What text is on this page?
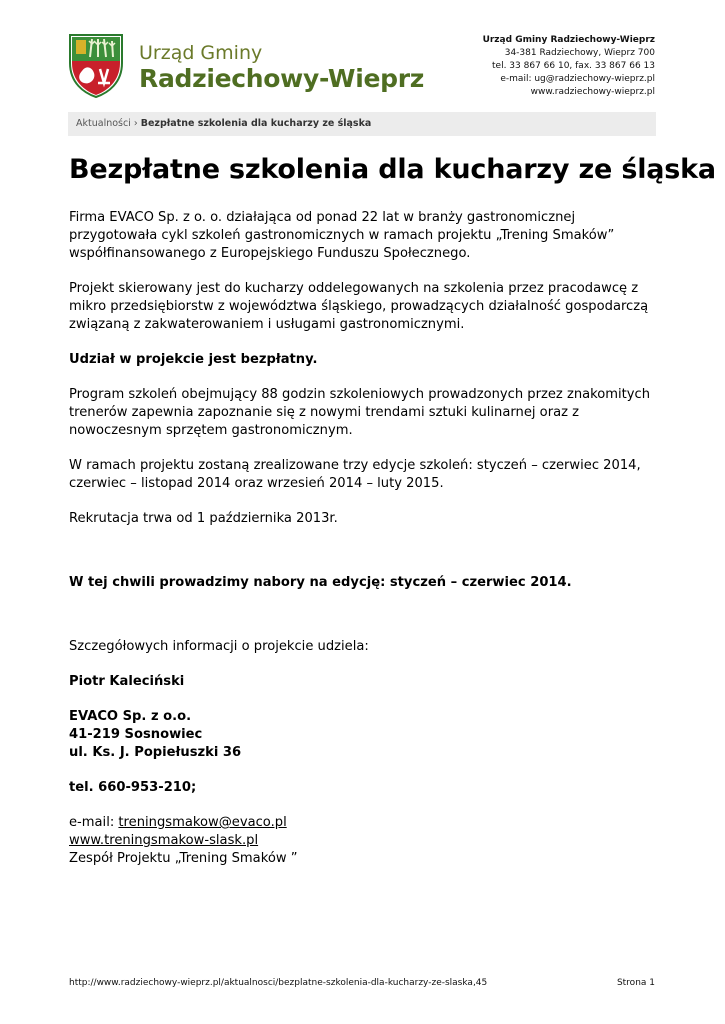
Urząd Gminy
Radziechowy-Wieprz
Urząd Gminy Radziechowy-Wieprz
34-381 Radziechowy, Wieprz 700
tel. 33 867 66 10, fax. 33 867 66 13
e-mail: ug@radziechowy-wieprz.pl
www.radziechowy-wieprz.pl
Aktualności › Bezpłatne szkolenia dla kucharzy ze śląska
Bezpłatne szkolenia dla kucharzy ze śląska

Firma EVACO Sp. z o. o. działająca od ponad 22 lat w branży gastronomicznej przygotowała cykl szkoleń gastronomicznych w ramach projektu „Trening Smaków” współfinansowanego z Europejskiego Funduszu Społecznego.

Projekt skierowany jest do kucharzy oddelegowanych na szkolenia przez pracodawcę z mikro przedsiębiorstw z województwa śląskiego, prowadzących działalność gospodarczą związaną z zakwaterowaniem i usługami gastronomicznymi.

Udział w projekcie jest bezpłatny.

Program szkoleń obejmujący 88 godzin szkoleniowych prowadzonych przez znakomitych trenerów zapewnia zapoznanie się z nowymi trendami sztuki kulinarnej oraz z nowoczesnym sprzętem gastronomicznym.

W ramach projektu zostaną zrealizowane trzy edycje szkoleń: styczeń – czerwiec 2014, czerwiec – listopad 2014 oraz wrzesień 2014 – luty 2015.

Rekrutacja trwa od 1 października 2013r.

W tej chwili prowadzimy nabory na edycję: styczeń – czerwiec 2014.

Szczegółowych informacji o projekcie udziela:

Piotr Kaleciński

EVACO Sp. z o.o.

41-219 Sosnowiec

ul. Ks. J. Popiełuszki 36

tel. 660-953-210;

e-mail: treningsmakow@evaco.pl

www.treningsmakow-slask.pl

Zespół Projektu „Trening Smaków ”

http://www.radziechowy-wieprz.pl/aktualnosci/bezplatne-szkolenia-dla-kucharzy-ze-slaska,45	Strona 1
